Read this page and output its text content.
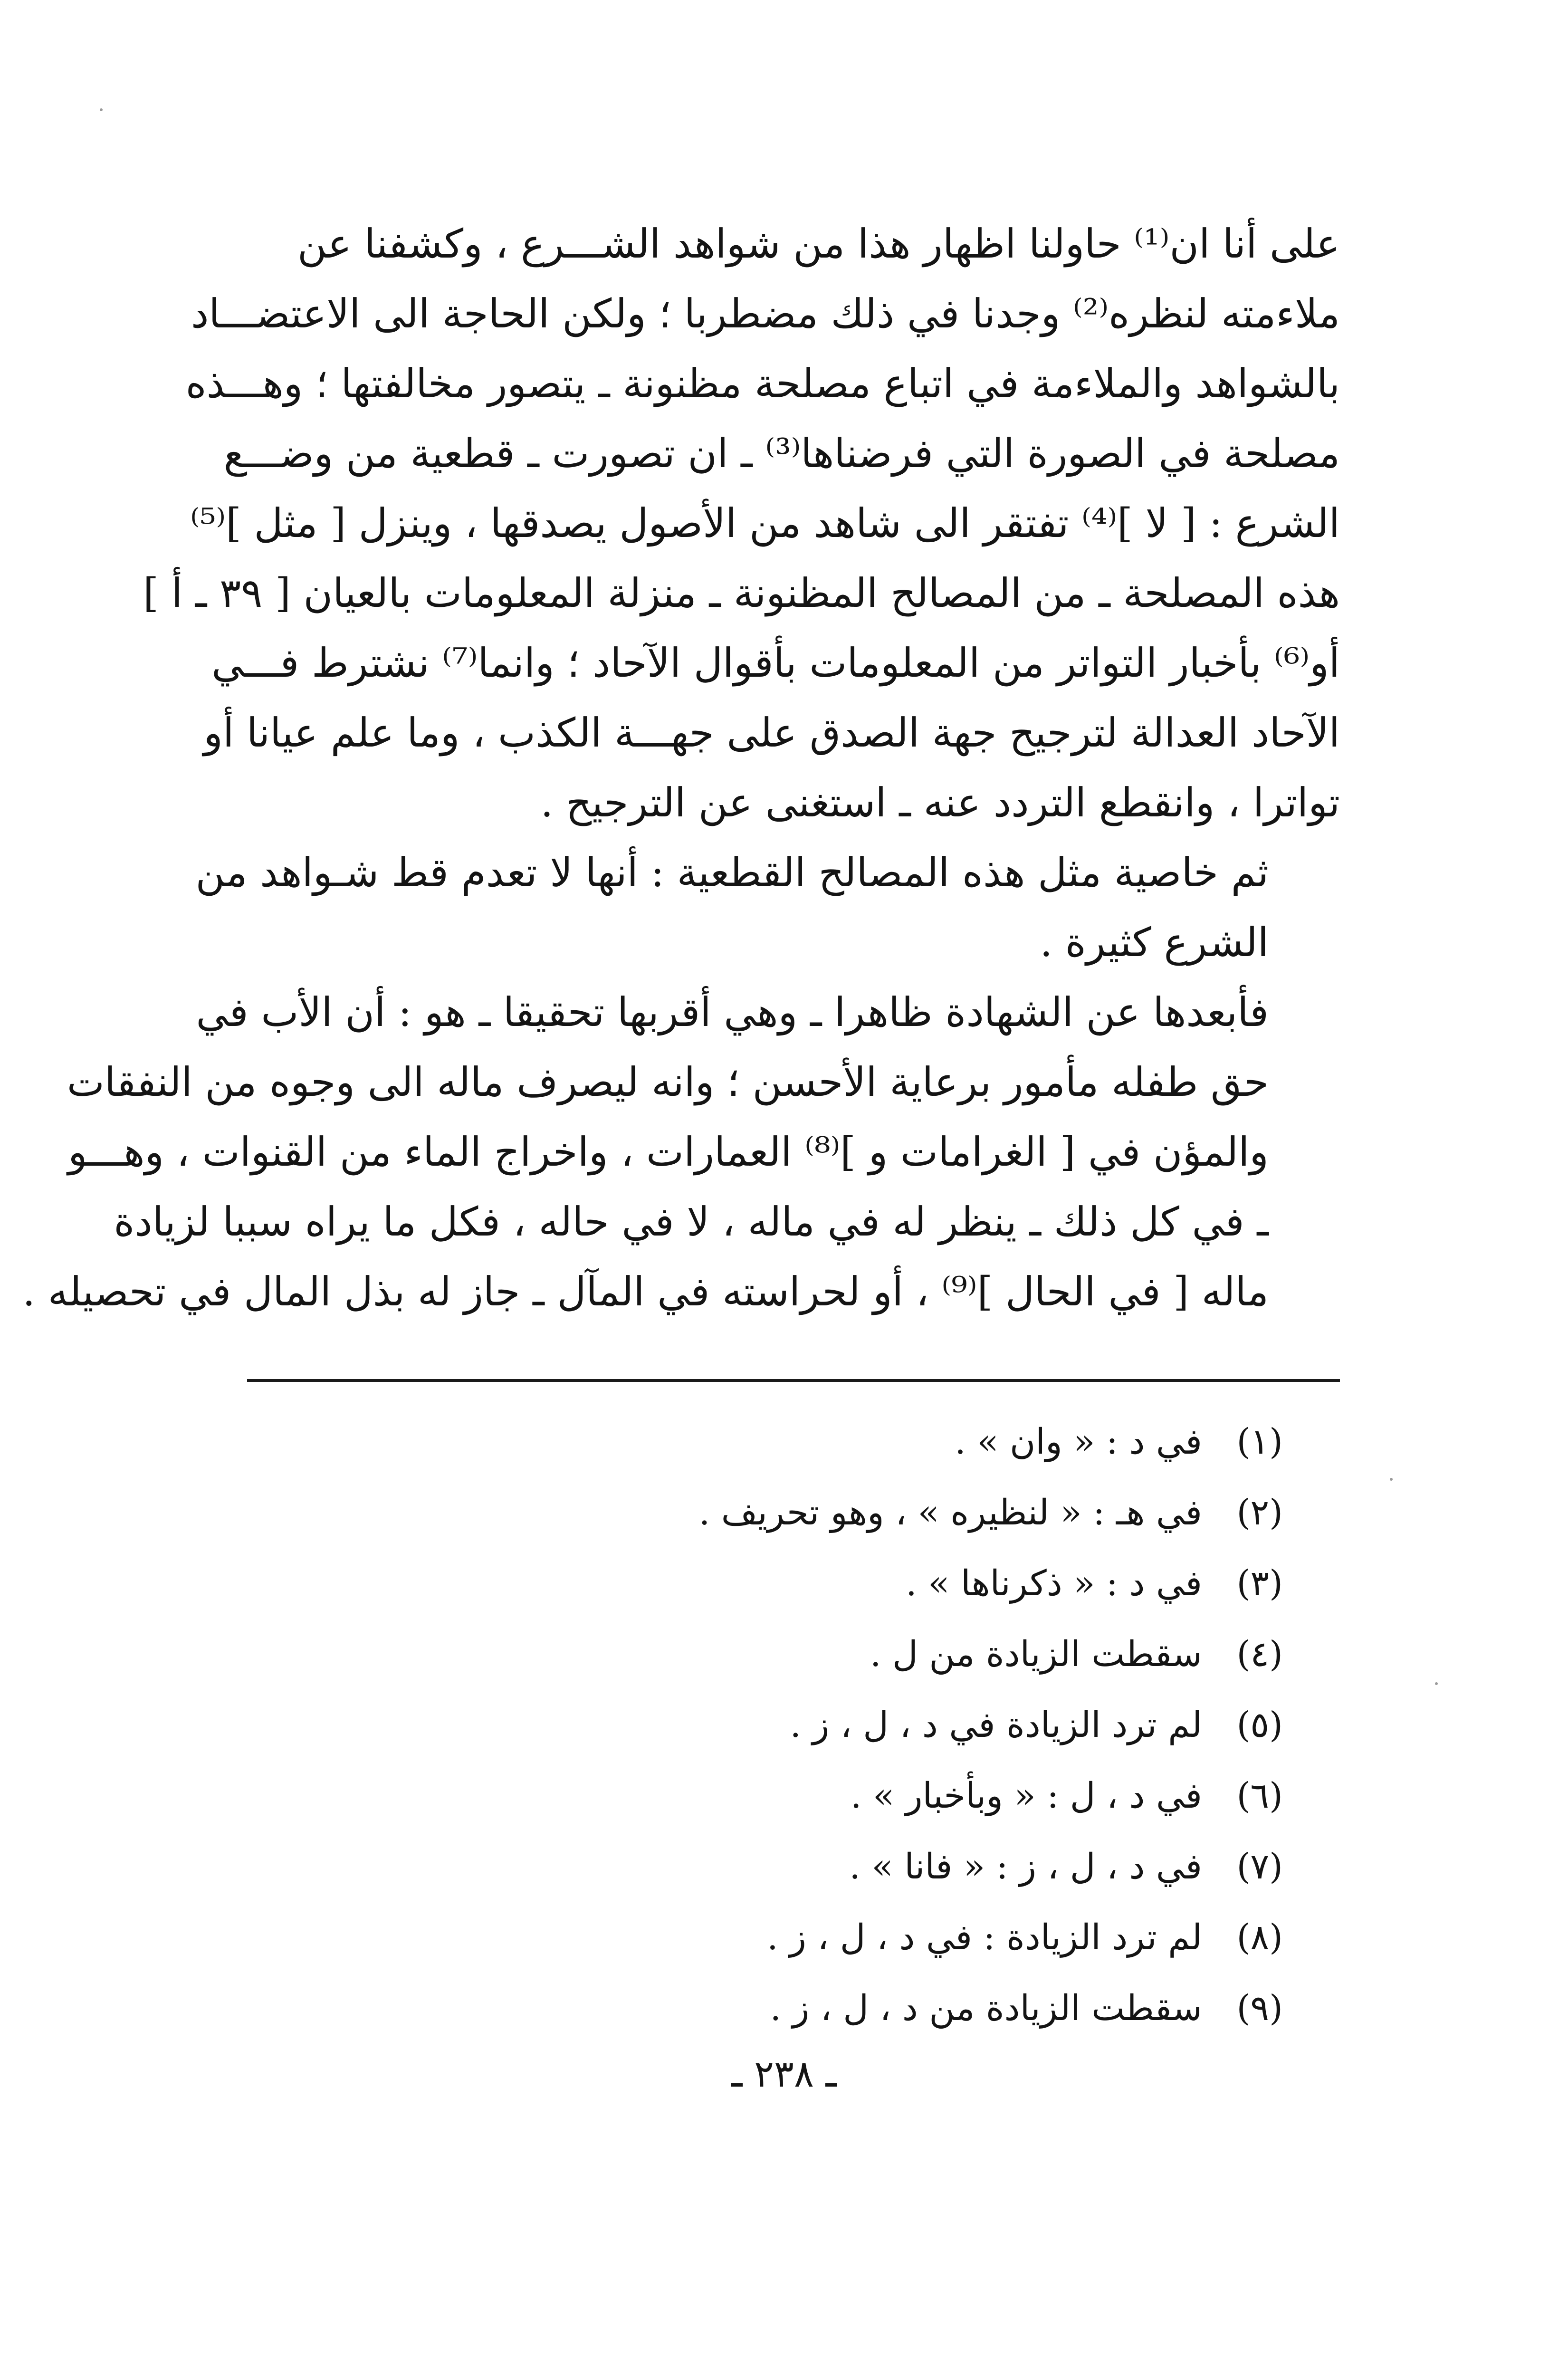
على أنا ان⁽¹⁾ حاولنا اظهار هذا من شواهد الشـــرع ، وكشفنا عن
ملاءمته لنظره⁽²⁾ وجدنا في ذلك مضطربا ؛ ولكن الحاجة الى الاعتضـــاد
بالشواهد والملاءمة في اتباع مصلحة مظنونة ـ يتصور مخالفتها ؛ وهـــذه
مصلحة في الصورة التي فرضناها⁽³⁾ ـ ان تصورت ـ قطعية من وضـــع
الشرع : [ لا ]⁽⁴⁾ تفتقر الى شاهد من الأصول يصدقها ، وينزل [ مثل ]⁽⁵⁾
هذه المصلحة ـ من المصالح المظنونة ـ منزلة المعلومات بالعيان [ ٣٩ ـ أ ]
أو⁽⁶⁾ بأخبار التواتر من المعلومات بأقوال الآحاد ؛ وانما⁽⁷⁾ نشترط فـــي
الآحاد العدالة لترجيح جهة الصدق على جهـــة الكذب ، وما علم عيانا أو
تواترا ، وانقطع التردد عنه ـ استغنى عن الترجيح .

ثم خاصية مثل هذه المصالح القطعية : أنها لا تعدم قط شـواهد من
الشرع كثيرة .

فأبعدها عن الشهادة ظاهرا ـ وهي أقربها تحقيقا ـ هو : أن الأب في
حق طفله مأمور برعاية الأحسن ؛ وانه ليصرف ماله الى وجوه من النفقات
والمؤن في [ الغرامات و ]⁽⁸⁾ العمارات ، واخراج الماء من القنوات ، وهـــو
ـ في كل ذلك ـ ينظر له في ماله ، لا في حاله ، فكل ما يراه سببا لزيادة
ماله [ في الحال ]⁽⁹⁾ ، أو لحراسته في المآل ـ جاز له بذل المال في تحصيله .

(١)في د : « وان » .
(٢)في هـ : « لنظيره » ، وهو تحريف .
(٣)في د : « ذكرناها » .
(٤)سقطت الزيادة من ل .
(٥)لم ترد الزيادة في د ، ل ، ز .
(٦)في د ، ل : « وبأخبار » .
(٧)في د ، ل ، ز : « فانا » .
(٨)لم ترد الزيادة : في د ، ل ، ز .
(٩)سقطت الزيادة من د ، ل ، ز .
ـ ٢٣٨ ـ
